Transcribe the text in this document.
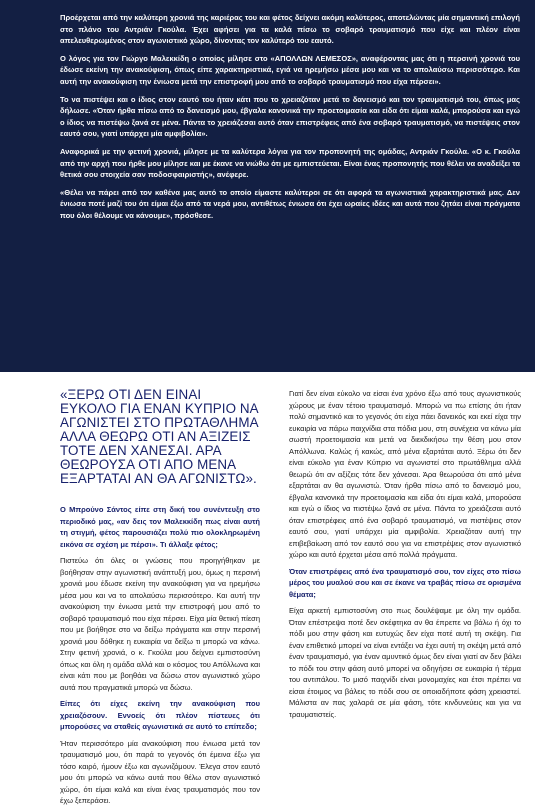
Προέρχεται από την καλύτερη χρονιά της καριέρας του και φέτος δείχνει ακόμη καλύτερος, αποτελώντας μία σημαντική επιλογή στο πλάνο του Αντριάν Γκούλα. Έχει αφήσει για τα καλά πίσω το σοβαρό τραυματισμό που είχε και πλέον είναι απελευθερωμένος στον αγωνιστικό χώρο, δίνοντας τον καλύτερό του εαυτό.

Ο λόγος για τον Γιώργο Μαλεκκίδη ο οποίος μίλησε στο «ΑΠΟΛΛΩΝ ΛΕΜΕΣΟΣ», αναφέροντας μας ότι η περσινή χρονιά του έδωσε εκείνη την ανακούφιση, όπως είπε χαρακτηριστικά, εγιά να ηρεμήσω μέσα μου και να το απολαύσω περισσότερο. Και αυτή την ανακούφιση την ένιωσα μετά την επιστροφή μου από το σοβαρό τραυματισμό που είχα πέρσει».

Το να πιστέψει και ο ίδιος στον εαυτό του ήταν κάτι που το χρειαζόταν μετά το δανεισμό και τον τραυματισμό του, όπως μας δήλωσε. «Όταν ήρθα πίσω από το δανεισμό μου, έβγαλα κανονικά την προετοιμασία και είδα ότι είμαι καλά, μπορούσα και εγώ ο ίδιος να πιστέψω ξανά σε μένα. Πάντα το χρειάζεσαι αυτό όταν επιστρέφεις από ένα σοβαρό τραυματισμό, να πιστέψεις στον εαυτό σου, γιατί υπάρχει μία αμφιβολία».

Αναφορικά με την φετινή χρονιά, μίλησε με τα καλύτερα λόγια για τον προπονητή της ομάδας, Αντριάν Γκούλα. «Ο κ. Γκούλα από την αρχή που ήρθε μου μίλησε και με έκανε να νιώθω ότι με εμπιστεύεται. Είναι ένας προπονητής που θέλει να αναδείξει τα θετικά σου στοιχεία σαν ποδοσφαιριστής», ανέφερε.

«Θέλει να πάρει από τον καθένα μας αυτό το οποίο είμαστε καλύτεροι σε ότι αφορά τα αγωνιστικά χαρακτηριστικά μας. Δεν ένιωσα ποτέ μαζί του ότι είμαι έξω από τα νερά μου, αντιθέτως ένιωσα ότι έχει ωραίες ιδέες και αυτά που ζητάει είναι πράγματα που όλοι θέλουμε να κάνουμε», πρόσθεσε.

«ΞΕΡΩ ΟΤΙ ΔΕΝ ΕΙΝΑΙ ΕΥΚΟΛΟ ΓΙΑ ΕΝΑΝ ΚΥΠΡΙΟ ΝΑ ΑΓΩΝΙΣΤΕΙ ΣΤΟ ΠΡΩΤΑΘΛΗΜΑ ΑΛΛΑ ΘΕΩΡΩ ΟΤΙ ΑΝ ΑΞΙΖΕΙΣ ΤΟΤΕ ΔΕΝ ΧΑΝΕΣΑΙ. ΑΡΑ ΘΕΩΡΟΥΣΑ ΟΤΙ ΑΠΟ ΜΕΝΑ ΕΞΑΡΤΑΤΑΙ ΑΝ ΘΑ ΑΓΩΝΙΣΤΩ».

Ο Μπρούνο Σάντος είπε στη δική του συνέντευξη στο περιοδικό μας, «αν δεις τον Μαλεκκίδη πως είναι αυτή τη στιγμή, φέτος παρουσιάζει πολύ πιο ολοκληρωμένη εικόνα σε σχέση με πέρσι». Τι άλλαξε φέτος;

Πιστεύω ότι όλες οι γνώσεις που προηγήθηκαν με βοήθησαν στην αγωνιστική ανάπτυξή μου, όμως η περσινή χρονιά μου έδωσε εκείνη την ανακούφιση για να ηρεμήσω μέσα μου και να το απολαύσω περισσότερο. Και αυτή την ανακούφιση την ένιωσα μετά την επιστροφή μου από το σοβαρό τραυματισμό που είχα πέρσει. Είχα μία θετική πίεση που με βοήθησε στο να δείξω πράγματα και στην περσινή χρονιά μου δόθηκε η ευκαιρία να δείξω τι μπορώ να κάνω. Στην φετινή χρονιά, ο κ. Γκούλα μου δείχνει εμπιστοσύνη όπως και όλη η ομάδα αλλά και ο κόσμος του Απόλλωνα και είναι κάτι που με βοηθάει να δώσω στον αγωνιστικό χώρο αυτά που πραγματικά μπορώ να δώσω.

Είπες ότι είχες εκείνη την ανακούφιση που χρειαζόσουν. Εννοείς ότι πλέον πίστευες ότι μπορούσες να σταθείς αγωνιστικά σε αυτό το επίπεδο;

Ήταν περισσότερο μία ανακούφιση που ένιωσα μετά τον τραυματισμό μου, ότι παρά το γεγονός ότι έμεινα έξω για τόσο καιρό, ήμουν έξω και αγωνιζόμουν. Έλεγα στον εαυτό μου ότι μπορώ να κάνω αυτά που θέλω στον αγωνιστικό χώρο, ότι είμαι καλά και είναι ένας τραυματισμός που τον έχω ξεπεράσει.

Γιατί δεν είναι εύκολο να είσαι ένα χρόνο έξω από τους αγωνιστικούς χώρους με έναν τέτοιο τραυματισμό. Μπορώ να πω επίσης ότι ήταν πολύ σημαντικό και το γεγονός ότι είχα πάει δανεικός και εκεί είχα την ευκαιρία να πάρω παιχνίδια στα πόδια μου, στη συνέχεια να κάνω μία σωστή προετοιμασία και μετά να διεκδικήσω την θέση μου στον Απόλλωνα. Καλώς ή κακώς, από μένα εξαρτάται αυτό. Ξέρω ότι δεν είναι εύκολο για έναν Κύπριο να αγωνιστεί στο πρωτάθλημα αλλά θεωρώ ότι αν αξίζεις τότε δεν χάνεσαι. Άρα θεωρούσα ότι από μένα εξαρτάται αν θα αγωνιστώ. Όταν ήρθα πίσω από το δανεισμό μου, έβγαλα κανονικά την προετοιμασία και είδα ότι είμαι καλά, μπορούσα και εγώ ο ίδιος να πιστέψω ξανά σε μένα. Πάντα το χρειάζεσαι αυτό όταν επιστρέφεις από ένα σοβαρό τραυματισμό, να πιστέψεις στον εαυτό σου, γιατί υπάρχει μία αμφιβολία. Χρειαζόταν αυτή την επιβεβαίωση από τον εαυτό σου για να επιστρέψεις στον αγωνιστικό χώρο και αυτό έρχεται μέσα από πολλά πράγματα.

Όταν επιστρέφεις από ένα τραυματισμό σου, τον είχες στο πίσω μέρος του μυαλού σου και σε έκανε να τραβάς πίσω σε ορισμένα θέματα;

Είχα αρκετή εμπιστοσύνη στο πως δουλέψαμε με όλη την ομάδα. Όταν επέστρεψα ποτέ δεν σκέφτηκα αν θα έπρεπε να βάλω ή όχι το πόδι μου στην φάση και ευτυχώς δεν είχα ποτέ αυτή τη σκέψη. Για έναν επιθετικό μπορεί να είναι εντάξει να έχει αυτή τη σκέψη μετά από έναν τραυματισμό, για έναν αμυντικό όμως δεν είναι γιατί αν δεν βάλει το πόδι του στην φάση αυτό μπορεί να οδηγήσει σε ευκαιρία ή τέρμα του αντιπάλου. Το μισό παιχνίδι είναι μονομαχίες και έτσι πρέπει να είσαι έτοιμος να βάλεις το πόδι σου σε οποιαδήποτε φάση χρειαστεί. Μάλιστα αν πας χαλαρά σε μία φάση, τότε κινδυνεύεις και για να τραυματιστείς.
